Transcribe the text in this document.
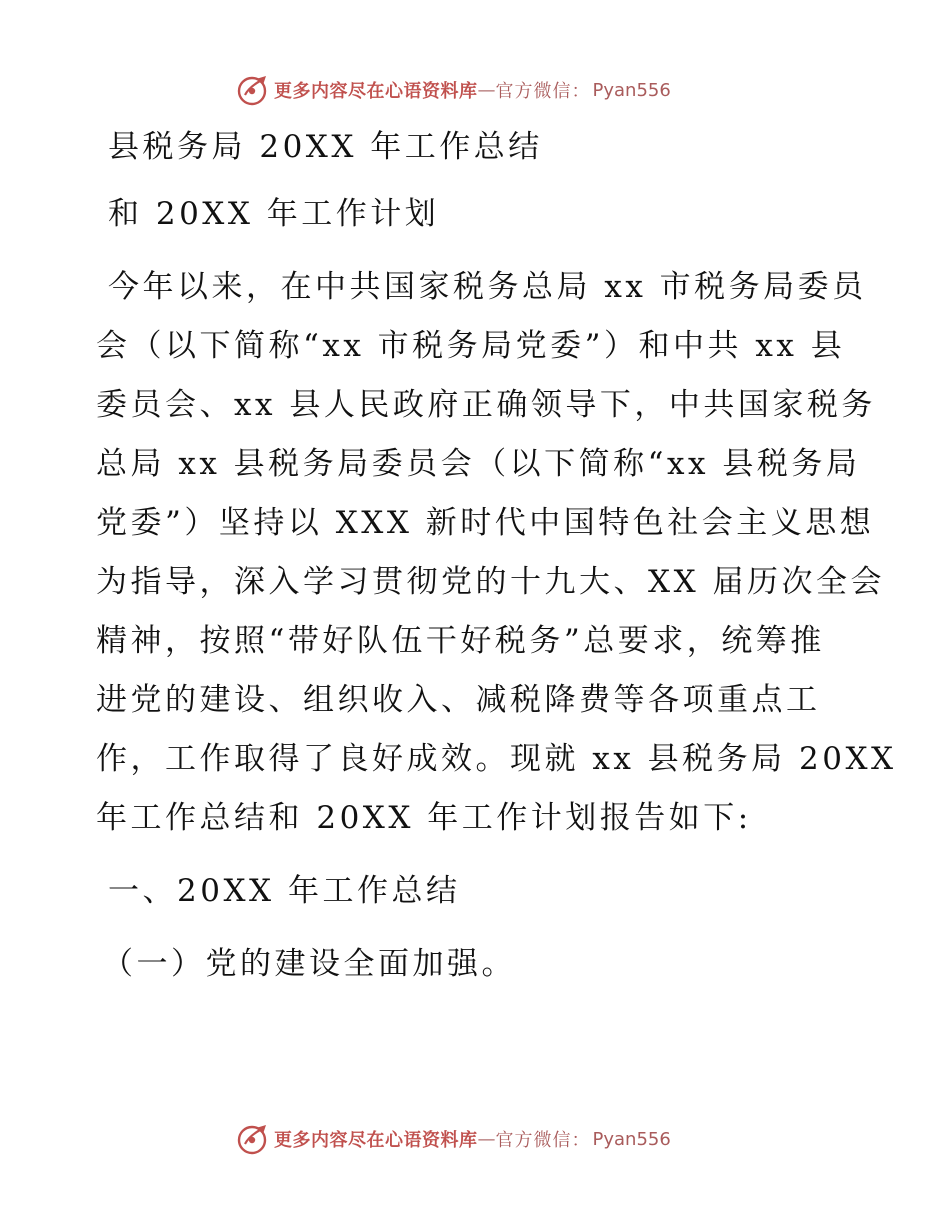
更多内容尽在心语资料库 — 官方微信： Pyan556
县税务局 20XX 年工作总结
和 20XX 年工作计划
今年以来，在中共国家税务总局 xx 市税务局委员
会（以下简称“xx 市税务局党委”）和中共 xx 县
委员会、xx 县人民政府正确领导下，中共国家税务
总局 xx 县税务局委员会（以下简称“xx 县税务局
党委”）坚持以 XXX 新时代中国特色社会主义思想
为指导，深入学习贯彻党的十九大、XX 届历次全会
精神，按照“带好队伍干好税务”总要求，统筹推
进党的建设、组织收入、减税降费等各项重点工
作，工作取得了良好成效。现就 xx 县税务局 20XX
年工作总结和 20XX 年工作计划报告如下:
一、20XX 年工作总结
（一）党的建设全面加强。
更多内容尽在心语资料库 — 官方微信： Pyan556
